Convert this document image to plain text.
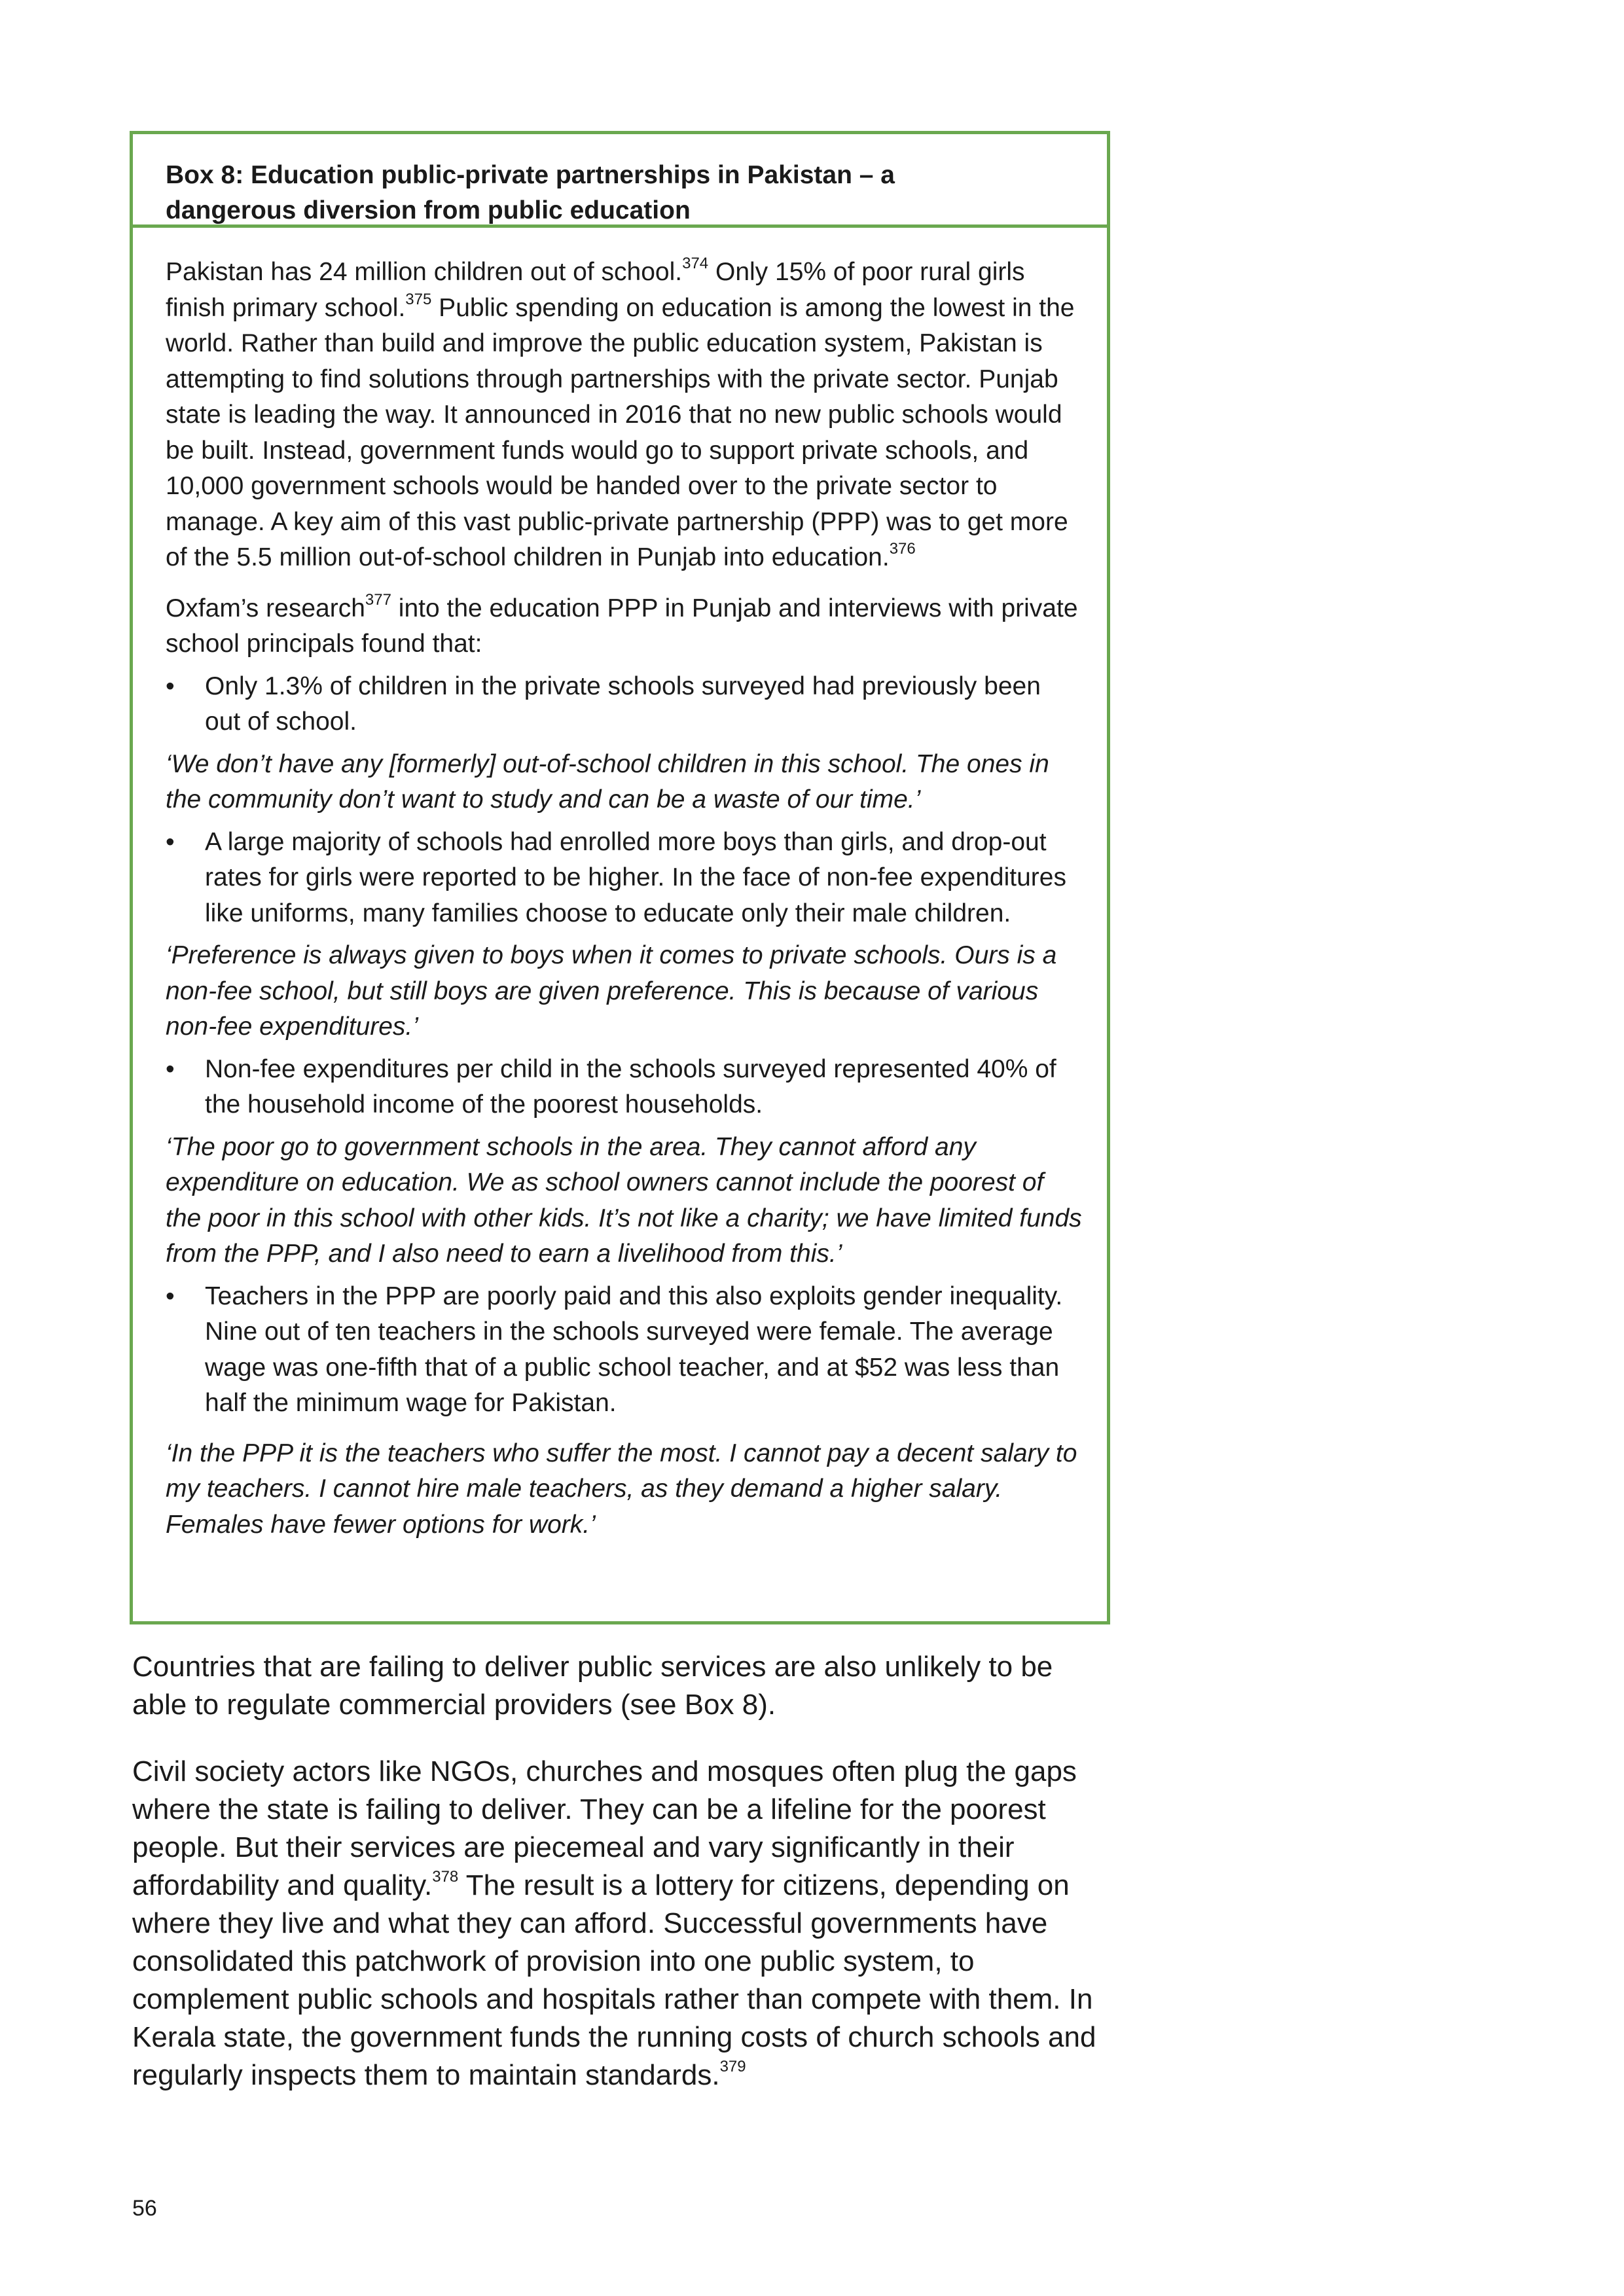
Box 8: Education public-private partnerships in Pakistan – a dangerous diversion from public education

Pakistan has 24 million children out of school.$^{374}$ Only 15% of poor rural girls finish primary school.$^{375}$ Public spending on education is among the lowest in the world. Rather than build and improve the public education system, Pakistan is attempting to find solutions through partnerships with the private sector. Punjab state is leading the way. It announced in 2016 that no new public schools would be built. Instead, government funds would go to support private schools, and 10,000 government schools would be handed over to the private sector to manage. A key aim of this vast public-private partnership (PPP) was to get more of the 5.5 million out-of-school children in Punjab into education.$^{376}$

Oxfam’s research$^{377}$ into the education PPP in Punjab and interviews with private school principals found that:

• Only 1.3% of children in the private schools surveyed had previously been out of school.
‘We don’t have any [formerly] out-of-school children in this school. The ones in the community don’t want to study and can be a waste of our time.’
• A large majority of schools had enrolled more boys than girls, and drop-out rates for girls were reported to be higher. In the face of non-fee expenditures like uniforms, many families choose to educate only their male children.
‘Preference is always given to boys when it comes to private schools. Ours is a non-fee school, but still boys are given preference. This is because of various non-fee expenditures.’
• Non-fee expenditures per child in the schools surveyed represented 40% of the household income of the poorest households.
‘The poor go to government schools in the area. They cannot afford any expenditure on education. We as school owners cannot include the poorest of the poor in this school with other kids. It’s not like a charity; we have limited funds from the PPP, and I also need to earn a livelihood from this.’
• Teachers in the PPP are poorly paid and this also exploits gender inequality. Nine out of ten teachers in the schools surveyed were female. The average wage was one-fifth that of a public school teacher, and at $52 was less than half the minimum wage for Pakistan.
‘In the PPP it is the teachers who suffer the most. I cannot pay a decent salary to my teachers. I cannot hire male teachers, as they demand a higher salary. Females have fewer options for work.’

Countries that are failing to deliver public services are also unlikely to be able to regulate commercial providers (see Box 8).

Civil society actors like NGOs, churches and mosques often plug the gaps where the state is failing to deliver. They can be a lifeline for the poorest people. But their services are piecemeal and vary significantly in their affordability and quality.$^{378}$ The result is a lottery for citizens, depending on where they live and what they can afford. Successful governments have consolidated this patchwork of provision into one public system, to complement public schools and hospitals rather than compete with them. In Kerala state, the government funds the running costs of church schools and regularly inspects them to maintain standards.$^{379}$

56
